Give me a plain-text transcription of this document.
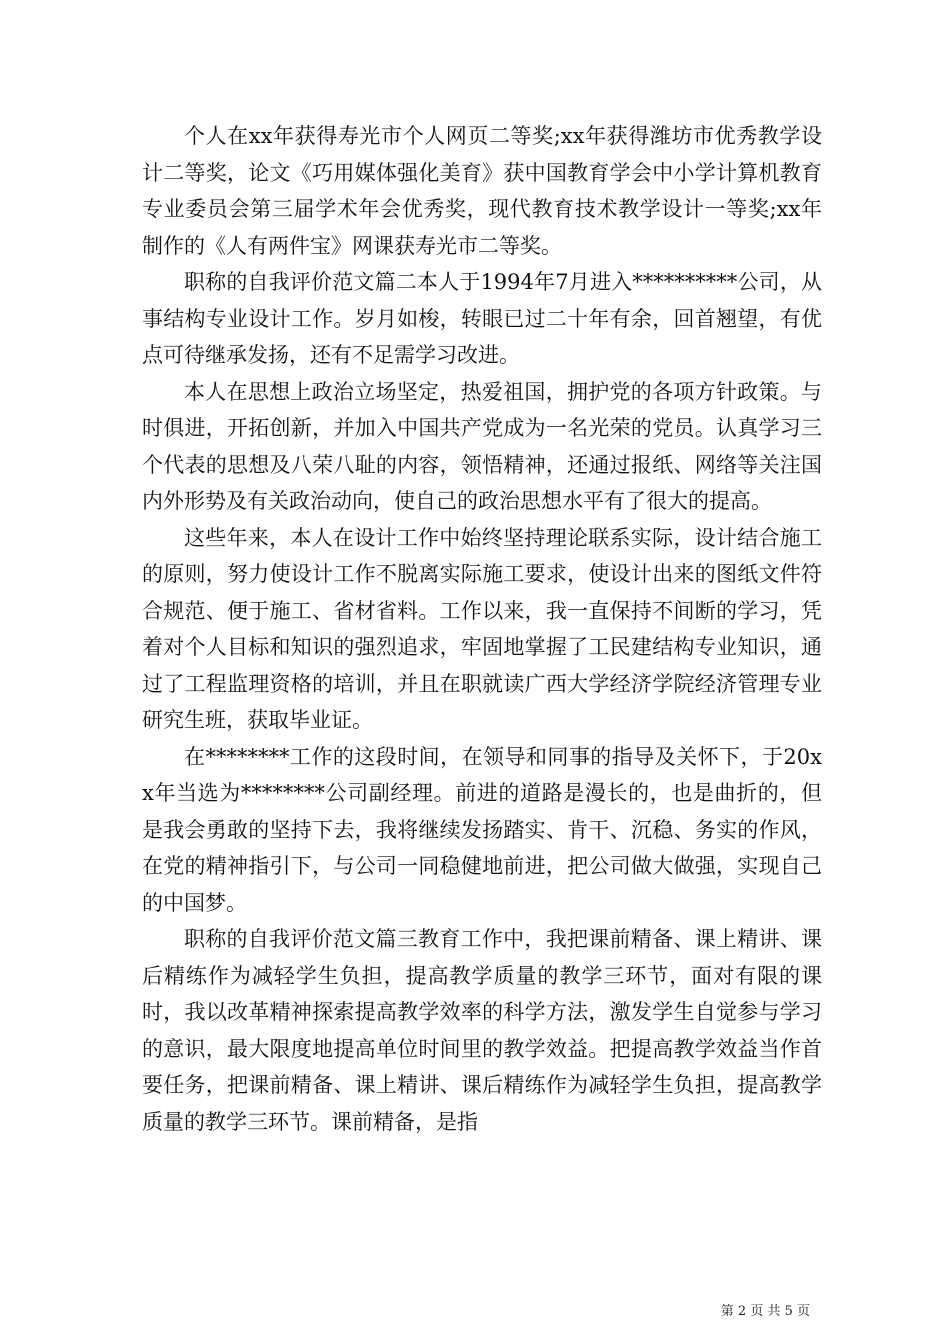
个人在xx年获得寿光市个人网页二等奖;xx年获得潍坊市优秀教学设计二等奖，论文《巧用媒体强化美育》获中国教育学会中小学计算机教育专业委员会第三届学术年会优秀奖，现代教育技术教学设计一等奖;xx年制作的《人有两件宝》网课获寿光市二等奖。

职称的自我评价范文篇二本人于1994年7月进入**********公司，从事结构专业设计工作。岁月如梭，转眼已过二十年有余，回首翘望，有优点可待继承发扬，还有不足需学习改进。

本人在思想上政治立场坚定，热爱祖国，拥护党的各项方针政策。与时俱进，开拓创新，并加入中国共产党成为一名光荣的党员。认真学习三个代表的思想及八荣八耻的内容，领悟精神，还通过报纸、网络等关注国内外形势及有关政治动向，使自己的政治思想水平有了很大的提高。

这些年来，本人在设计工作中始终坚持理论联系实际，设计结合施工的原则，努力使设计工作不脱离实际施工要求，使设计出来的图纸文件符合规范、便于施工、省材省料。工作以来，我一直保持不间断的学习，凭着对个人目标和知识的强烈追求，牢固地掌握了工民建结构专业知识，通过了工程监理资格的培训，并且在职就读广西大学经济学院经济管理专业研究生班，获取毕业证。

在********工作的这段时间，在领导和同事的指导及关怀下，于20xx年当选为********公司副经理。前进的道路是漫长的，也是曲折的，但是我会勇敢的坚持下去，我将继续发扬踏实、肯干、沉稳、务实的作风，在党的精神指引下，与公司一同稳健地前进，把公司做大做强，实现自己的中国梦。

职称的自我评价范文篇三教育工作中，我把课前精备、课上精讲、课后精练作为减轻学生负担，提高教学质量的教学三环节，面对有限的课时，我以改革精神探索提高教学效率的科学方法，激发学生自觉参与学习的意识，最大限度地提高单位时间里的教学效益。把提高教学效益当作首要任务，把课前精备、课上精讲、课后精练作为减轻学生负担，提高教学质量的教学三环节。课前精备，是指

第 2 页 共 5 页
